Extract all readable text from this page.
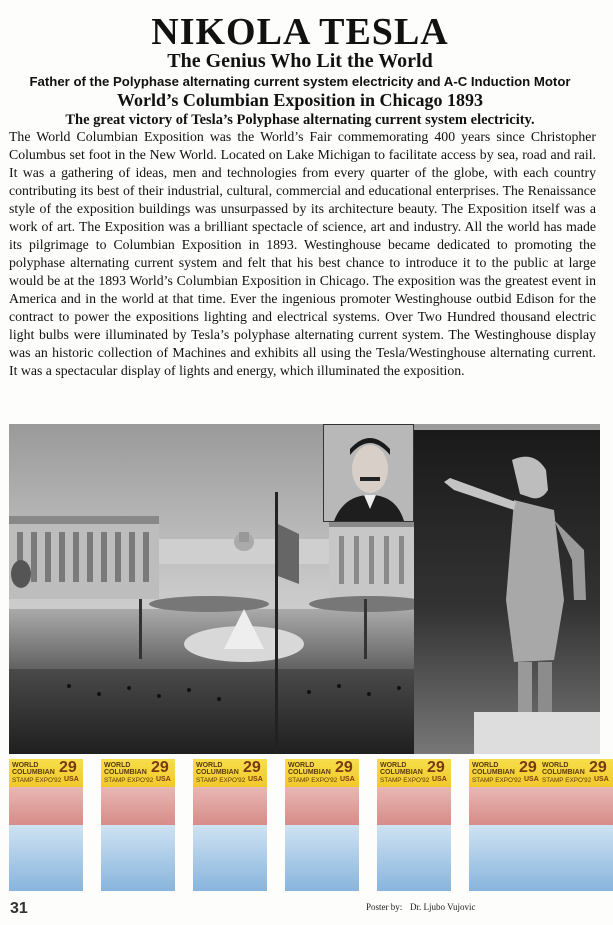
NIKOLA TESLA
The Genius Who Lit the World
Father of the Polyphase alternating current system electricity and A-C Induction Motor
World’s Columbian Exposition in Chicago 1893
The great victory of Tesla’s Polyphase alternating current system electricity.
The World Columbian Exposition was the World’s Fair commemorating 400 years since Christopher Columbus set foot in the New World. Located on Lake Michigan to facilitate access by sea, road and rail. It was a gathering of ideas, men and technologies from every quarter of the globe, with each country contributing its best of their industrial, cultural, commercial and educational enterprises. The Renaissance style of the exposition buildings was unsurpassed by its architecture beauty. The Exposition itself was a work of art. The Exposition was a brilliant spectacle of science, art and industry. All the world has made its pilgrimage to Columbian Exposition in 1893. Westinghouse became dedicated to promoting the polyphase alternating current system and felt that his best chance to introduce it to the public at large would be at the 1893 World’s Columbian Exposition in Chicago. The exposition was the greatest event in America and in the world at that time. Ever the ingenious promoter Westinghouse outbid Edison for the contract to power the expositions lighting and electrical systems. Over Two Hundred thousand electric light bulbs were illuminated by Tesla’s polyphase alternating current system. The Westinghouse display was an historic collection of Machines and exhibits all using the Tesla/Westinghouse alternating current. It was a spectacular display of lights and energy, which illuminated the exposition.
WORLD
COLUMBIAN
STAMP EXPO'92
29
USA
WORLD
COLUMBIAN
STAMP EXPO'92
29
USA
WORLD
COLUMBIAN
STAMP EXPO'92
29
USA
WORLD
COLUMBIAN
STAMP EXPO'92
29
USA
WORLD
COLUMBIAN
STAMP EXPO'92
29
USA
WORLD
COLUMBIAN
STAMP EXPO'92
29
USA
WORLD
COLUMBIAN
STAMP EXPO'92
29
USA
31	Poster by: Dr. Ljubo Vujovic
